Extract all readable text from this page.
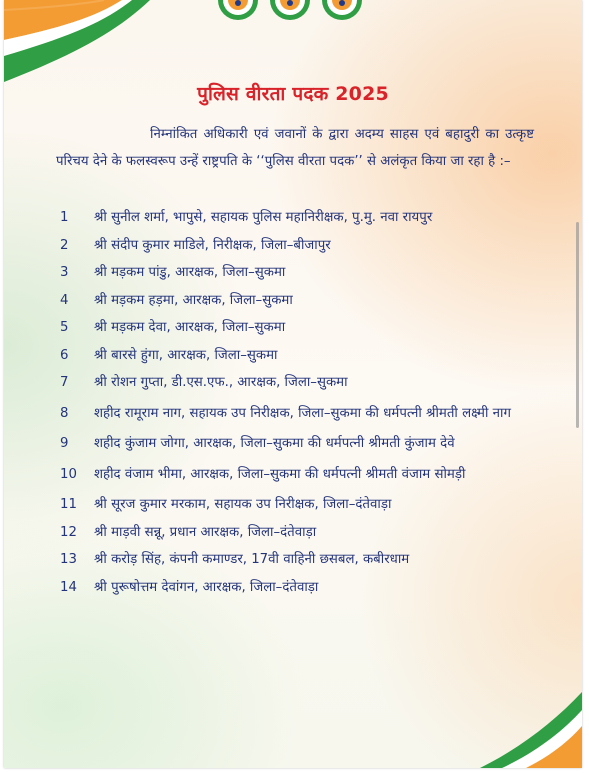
पुलिस वीरता पदक 2025
निम्नांकित अधिकारी एवं जवानों के द्वारा अदम्य साहस एवं बहादुरी का उत्कृष्ट परिचय देने के फलस्वरूप उन्हें राष्ट्रपति के ‘‘पुलिस वीरता पदक’’ से अलंकृत किया जा रहा है :–
1	श्री सुनील शर्मा, भापुसे, सहायक पुलिस महानिरीक्षक, पु.मु. नवा रायपुर
2	श्री संदीप कुमार माडिले, निरीक्षक, जिला–बीजापुर
3	श्री मड़कम पांडु, आरक्षक, जिला–सुकमा
4	श्री मड़कम हड़मा, आरक्षक, जिला–सुकमा
5	श्री मड़कम देवा, आरक्षक, जिला–सुकमा
6	श्री बारसे हुंगा, आरक्षक, जिला–सुकमा
7	श्री रोशन गुप्ता, डी.एस.एफ., आरक्षक, जिला–सुकमा
8	शहीद रामूराम नाग, सहायक उप निरीक्षक, जिला–सुकमा की धर्मपत्नी श्रीमती लक्ष्मी नाग
9	शहीद कुंजाम जोगा, आरक्षक, जिला–सुकमा की धर्मपत्नी श्रीमती कुंजाम देवे
10	शहीद वंजाम भीमा, आरक्षक, जिला–सुकमा की धर्मपत्नी श्रीमती वंजाम सोमड़ी
11	श्री सूरज कुमार मरकाम, सहायक उप निरीक्षक, जिला–दंतेवाड़ा
12	श्री माड़वी सन्नू, प्रधान आरक्षक, जिला–दंतेवाड़ा
13	श्री करोड़ सिंह, कंपनी कमाण्डर, 17वी वाहिनी छसबल, कबीरधाम
14	श्री पुरूषोत्तम देवांगन, आरक्षक, जिला–दंतेवाड़ा
